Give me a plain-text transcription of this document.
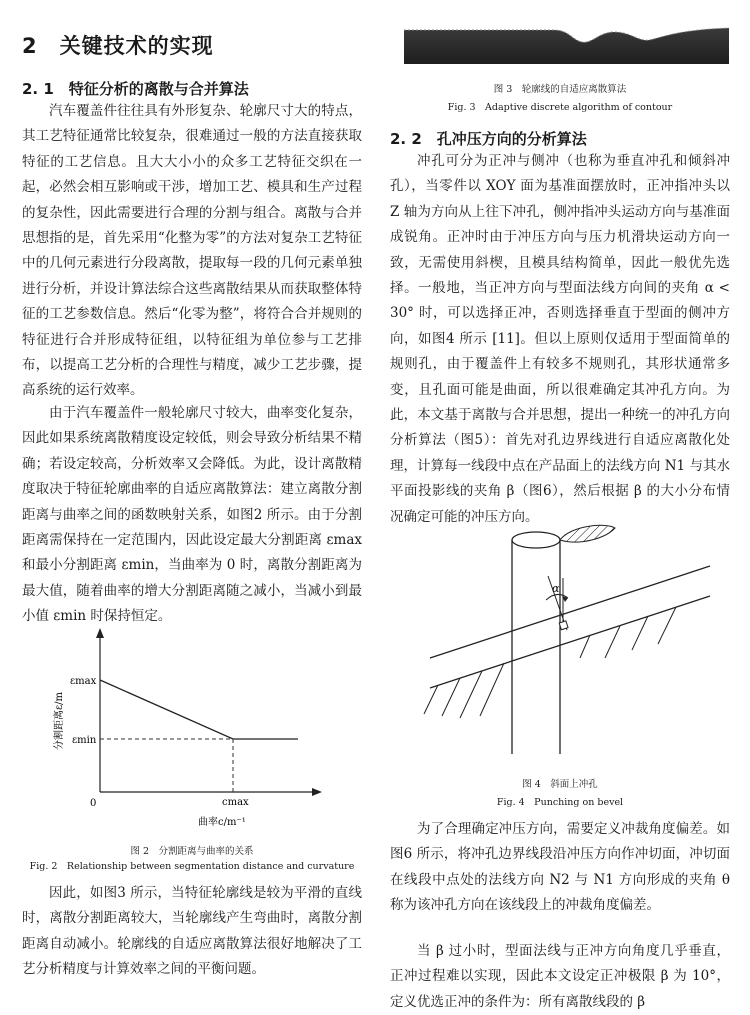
2　关键技术的实现
2. 1　特征分析的离散与合并算法

汽车覆盖件往往具有外形复杂、轮廓尺寸大的特点，其工艺特征通常比较复杂，很难通过一般的方法直接获取特征的工艺信息。且大大小小的众多工艺特征交织在一起，必然会相互影响或干涉，增加工艺、模具和生产过程的复杂性，因此需要进行合理的分割与组合。离散与合并思想指的是，首先采用“化整为零”的方法对复杂工艺特征中的几何元素进行分段离散，提取每一段的几何元素单独进行分析，并设计算法综合这些离散结果从而获取整体特征的工艺参数信息。然后“化零为整”，将符合合并规则的特征进行合并形成特征组，以特征组为单位参与工艺排布，以提高工艺分析的合理性与精度，减少工艺步骤，提高系统的运行效率。

由于汽车覆盖件一般轮廓尺寸较大，曲率变化复杂，因此如果系统离散精度设定较低，则会导致分析结果不精确；若设定较高，分析效率又会降低。为此，设计离散精度取决于特征轮廓曲率的自适应离散算法：建立离散分割距离与曲率之间的函数映射关系，如图2 所示。由于分割距离需保持在一定范围内，因此设定最大分割距离 εmax 和最小分割距离 εmin，当曲率为 0 时，离散分割距离为最大值，随着曲率的增大分割距离随之减小，当减小到最小值 εmin 时保持恒定。

εmax
εmin
cmax
0
曲率c/m⁻¹
分割距离ε/m
图 2　分割距离与曲率的关系
Fig. 2　Relationship between segmentation distance and curvature

因此，如图3 所示，当特征轮廓线是较为平滑的直线时，离散分割距离较大，当轮廓线产生弯曲时，离散分割距离自动减小。轮廓线的自适应离散算法很好地解决了工艺分析精度与计算效率之间的平衡问题。

图 3　轮廓线的自适应离散算法
Fig. 3　Adaptive discrete algorithm of contour
2. 2　孔冲压方向的分析算法

冲孔可分为正冲与侧冲（也称为垂直冲孔和倾斜冲孔），当零件以 XOY 面为基准面摆放时，正冲指冲头以 Z 轴为方向从上往下冲孔，侧冲指冲头运动方向与基准面成锐角。正冲时由于冲压方向与压力机滑块运动方向一致，无需使用斜楔，且模具结构简单，因此一般优先选择。一般地，当正冲方向与型面法线方向间的夹角 α < 30° 时，可以选择正冲，否则选择垂直于型面的侧冲方向，如图4 所示 [11]。但以上原则仅适用于型面简单的规则孔，由于覆盖件上有较多不规则孔，其形状通常多变，且孔面可能是曲面，所以很难确定其冲孔方向。为此，本文基于离散与合并思想，提出一种统一的冲孔方向分析算法（图5）：首先对孔边界线进行自适应离散化处理，计算每一线段中点在产品面上的法线方向 N1 与其水平面投影线的夹角 β（图6），然后根据 β 的大小分布情况确定可能的冲压方向。

α
图 4　斜面上冲孔
Fig. 4　Punching on bevel

为了合理确定冲压方向，需要定义冲裁角度偏差。如图6 所示，将冲孔边界线段沿冲压方向作冲切面，冲切面在线段中点处的法线方向 N2 与 N1 方向形成的夹角 θ 称为该冲孔方向在该线段上的冲裁角度偏差。

当 β 过小时，型面法线与正冲方向角度几乎垂直，正冲过程难以实现，因此本文设定正冲极限 β 为 10°，定义优选正冲的条件为：所有离散线段的 β
